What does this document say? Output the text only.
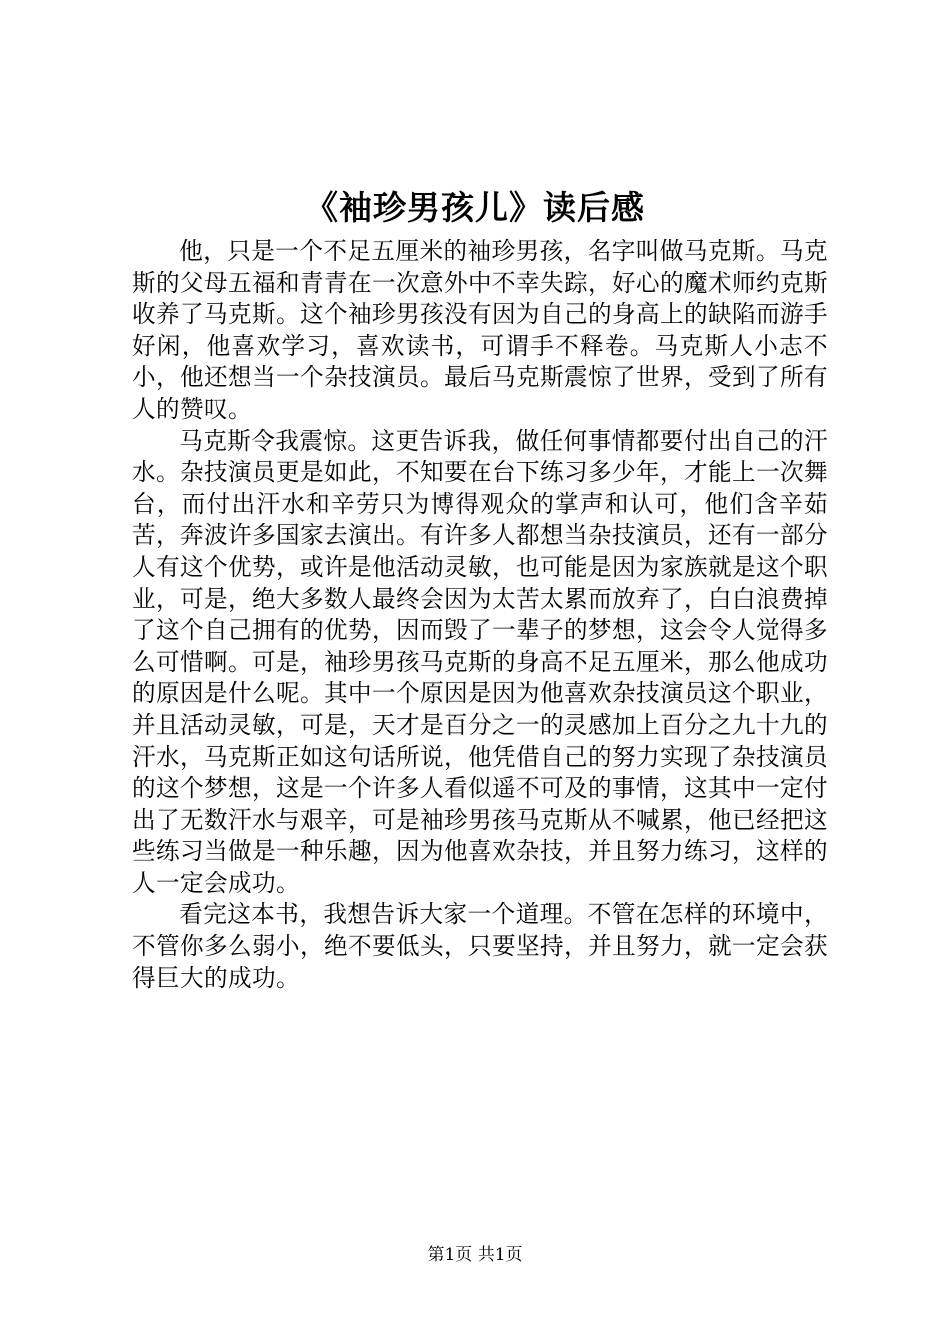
《袖珍男孩儿》读后感

他，只是一个不足五厘米的袖珍男孩，名字叫做马克斯。马克斯的父母五福和青青在一次意外中不幸失踪，好心的魔术师约克斯收养了马克斯。这个袖珍男孩没有因为自己的身高上的缺陷而游手好闲，他喜欢学习，喜欢读书，可谓手不释卷。马克斯人小志不小，他还想当一个杂技演员。最后马克斯震惊了世界，受到了所有人的赞叹。

马克斯令我震惊。这更告诉我，做任何事情都要付出自己的汗水。杂技演员更是如此，不知要在台下练习多少年，才能上一次舞台，而付出汗水和辛劳只为博得观众的掌声和认可，他们含辛茹苦，奔波许多国家去演出。有许多人都想当杂技演员，还有一部分人有这个优势，或许是他活动灵敏，也可能是因为家族就是这个职业，可是，绝大多数人最终会因为太苦太累而放弃了，白白浪费掉了这个自己拥有的优势，因而毁了一辈子的梦想，这会令人觉得多么可惜啊。可是，袖珍男孩马克斯的身高不足五厘米，那么他成功的原因是什么呢。其中一个原因是因为他喜欢杂技演员这个职业，并且活动灵敏，可是，天才是百分之一的灵感加上百分之九十九的汗水，马克斯正如这句话所说，他凭借自己的努力实现了杂技演员的这个梦想，这是一个许多人看似遥不可及的事情，这其中一定付出了无数汗水与艰辛，可是袖珍男孩马克斯从不喊累，他已经把这些练习当做是一种乐趣，因为他喜欢杂技，并且努力练习，这样的人一定会成功。

看完这本书，我想告诉大家一个道理。不管在怎样的环境中，不管你多么弱小，绝不要低头，只要坚持，并且努力，就一定会获得巨大的成功。

第1页 共1页
